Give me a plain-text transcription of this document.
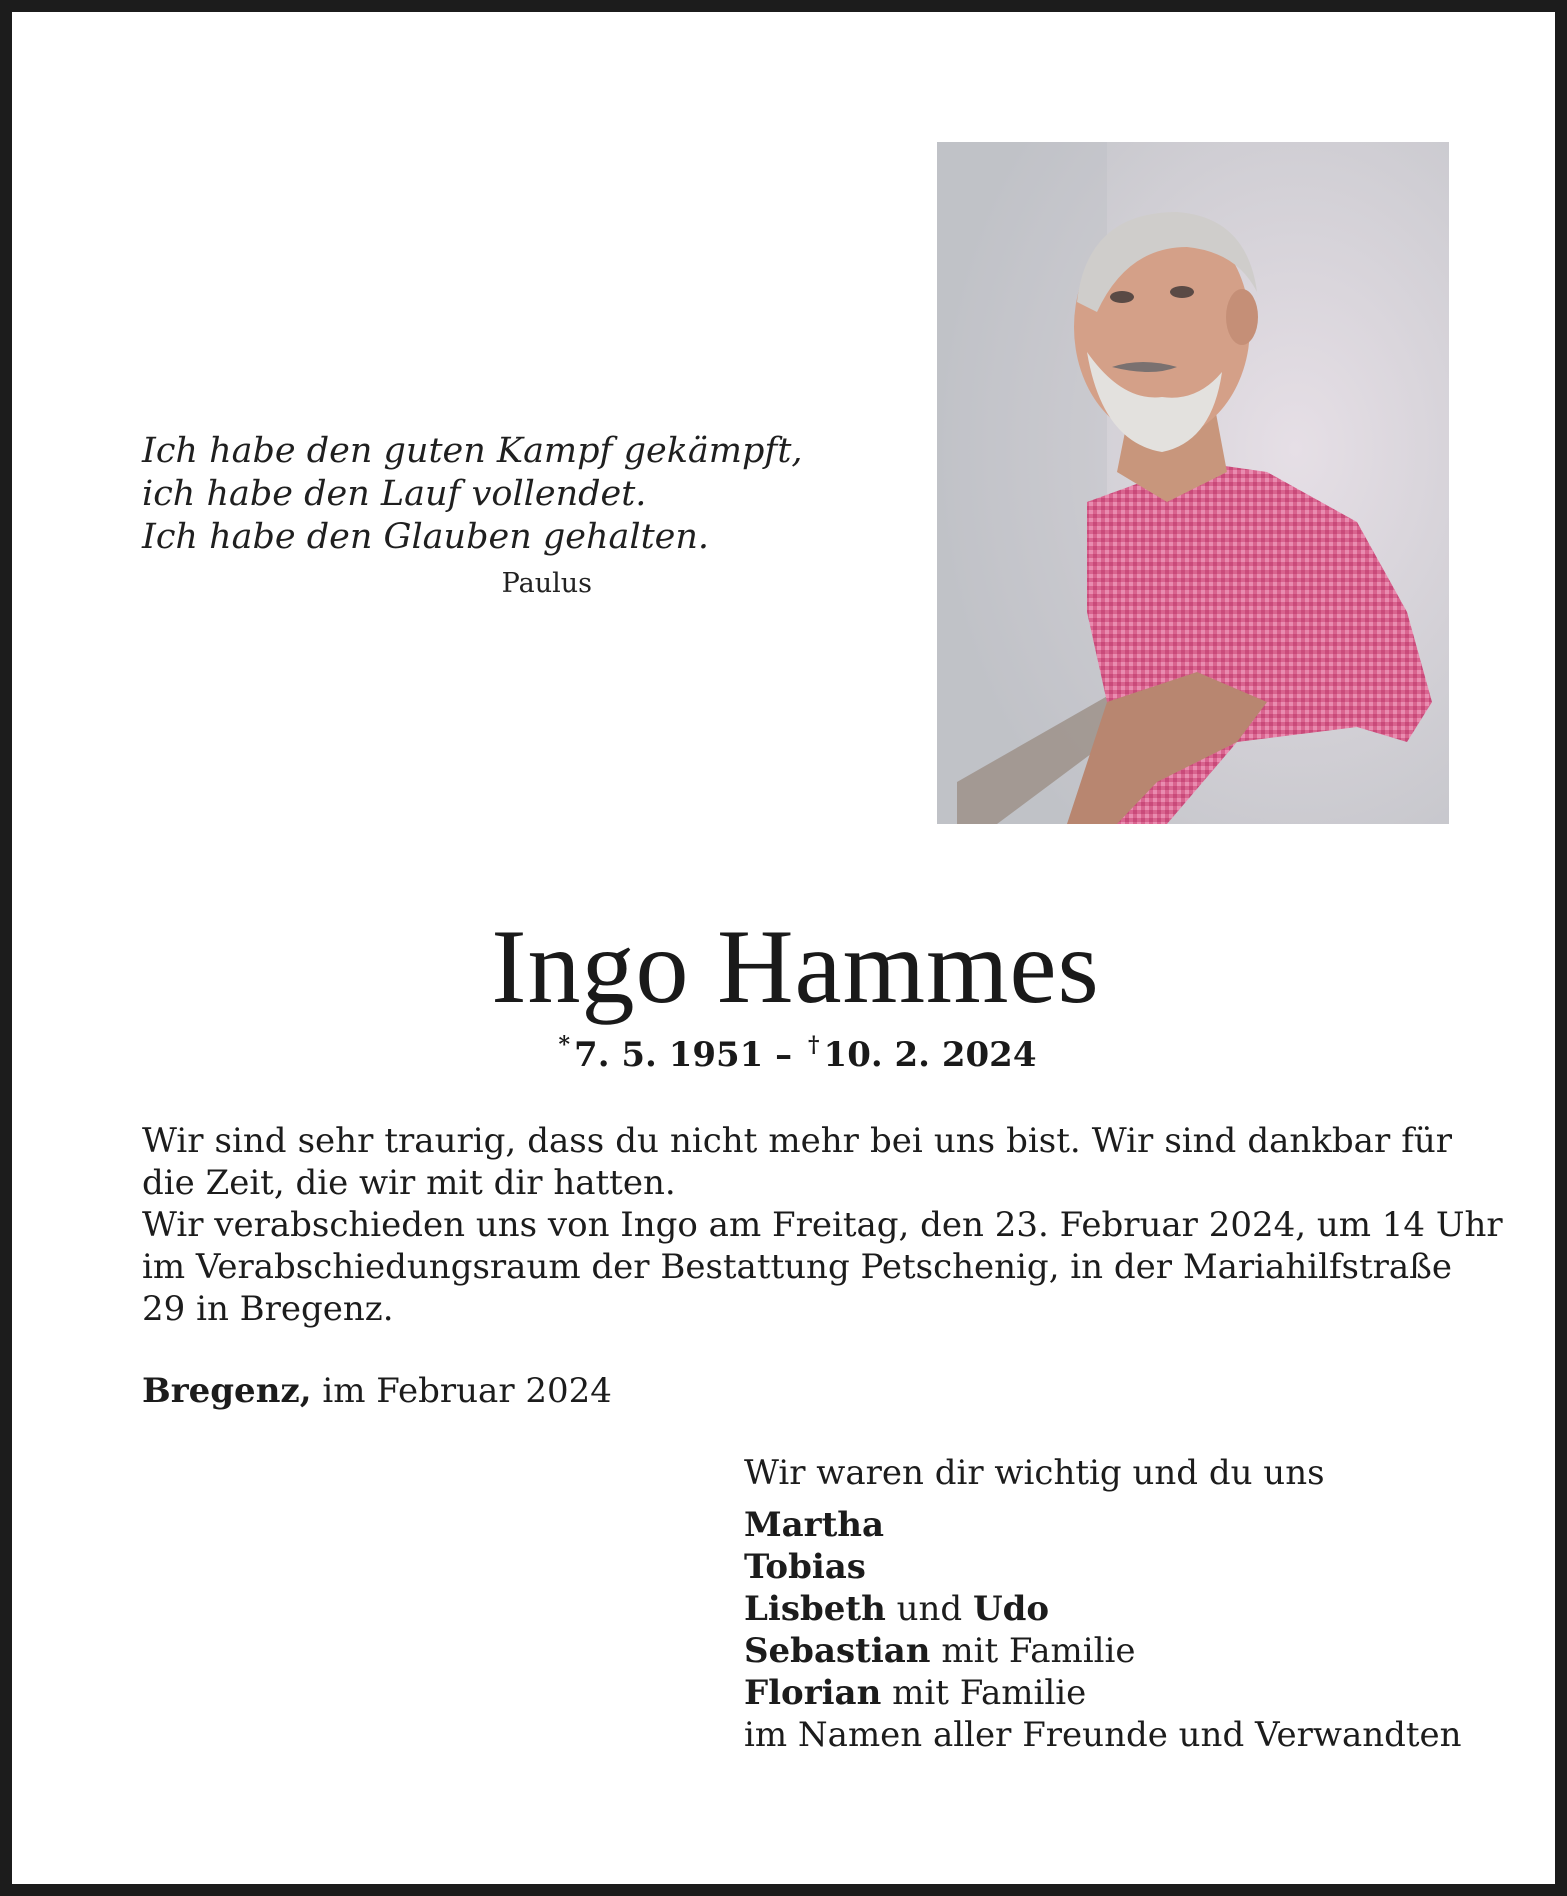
Ich habe den guten Kampf gekämpft,
ich habe den Lauf vollendet.
Ich habe den Glauben gehalten.
Paulus
Ingo Hammes
* 7. 5. 1951 – † 10. 2. 2024
Wir sind sehr traurig, dass du nicht mehr bei uns bist. Wir sind dankbar für
die Zeit, die wir mit dir hatten.
Wir verabschieden uns von Ingo am Freitag, den 23. Februar 2024, um 14 Uhr
im Verabschiedungsraum der Bestattung Petschenig, in der Mariahilfstraße
29 in Bregenz.
Bregenz, im Februar 2024
Wir waren dir wichtig und du uns
Martha
Tobias
Lisbeth und Udo
Sebastian mit Familie
Florian mit Familie
im Namen aller Freunde und Verwandten
